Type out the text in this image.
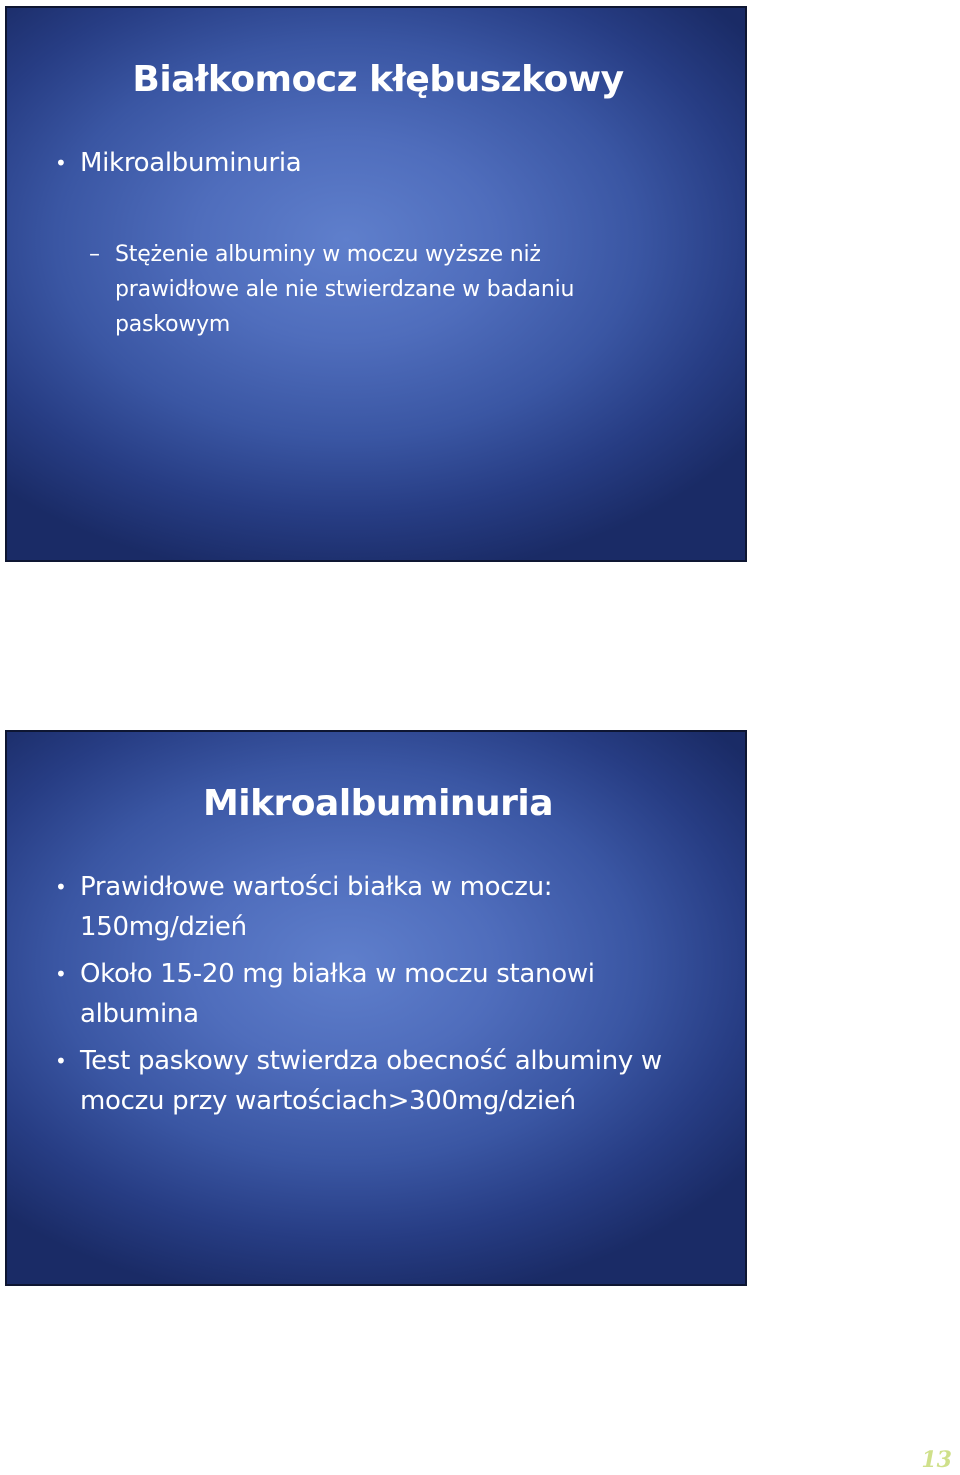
Białkomocz kłębuszkowy
• Mikroalbuminuria
– Stężenie albuminy w moczu wyższe niż prawidłowe ale nie stwierdzane w badaniu paskowym
Mikroalbuminuria
• Prawidłowe wartości białka w moczu: 150mg/dzień
• Około 15-20 mg białka w moczu stanowi albumina
• Test paskowy stwierdza obecność albuminy w moczu przy wartościach>300mg/dzień
13
